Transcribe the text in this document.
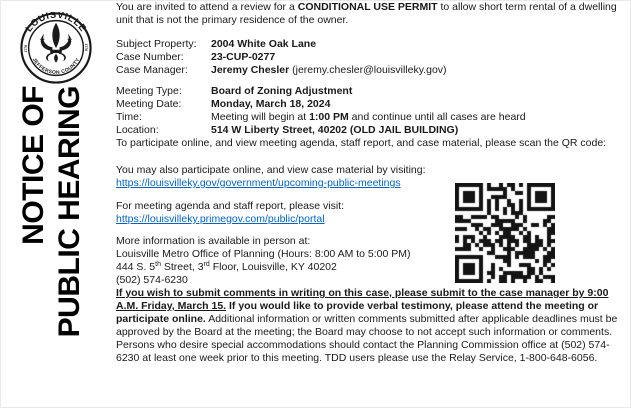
LOUISVILLE
JEFFERSON COUNTY
1778	1778
★ ★
NOTICE OF PUBLIC HEARING

You are invited to attend a review for a CONDITIONAL USE PERMIT to allow short term rental of a dwelling unit that is not the primary residence of the owner.

Subject Property:	2004 White Oak Lane
Case Number:	23-CUP-0277
Case Manager:	Jeremy Chesler (jeremy.chesler@louisvilleky.gov)
Meeting Type:	Board of Zoning Adjustment
Meeting Date:	Monday, March 18, 2024
Time:	Meeting will begin at 1:00 PM and continue until all cases are heard
Location:	514 W Liberty Street, 40202 (OLD JAIL BUILDING)

To participate online, and view meeting agenda, staff report, and case material, please scan the QR code:

You may also participate online, and view case material by visiting:
https://louisvilleky.gov/government/upcoming-public-meetings
For meeting agenda and staff report, please visit:
https://louisvilleky.primegov.com/public/portal
More information is available in person at:
Louisville Metro Office of Planning (Hours: 8:00 AM to 5:00 PM)
444 S. 5th Street, 3rd Floor, Louisville, KY 40202
(502) 574-6230

If you wish to submit comments in writing on this case, please submit to the case manager by 9:00 A.M. Friday, March 15. If you would like to provide verbal testimony, please attend the meeting or participate online. Additional information or written comments submitted after applicable deadlines must be approved by the Board at the meeting; the Board may choose to not accept such information or comments.

Persons who desire special accommodations should contact the Planning Commission office at (502) 574-6230 at least one week prior to this meeting. TDD users please use the Relay Service, 1-800-648-6056.
